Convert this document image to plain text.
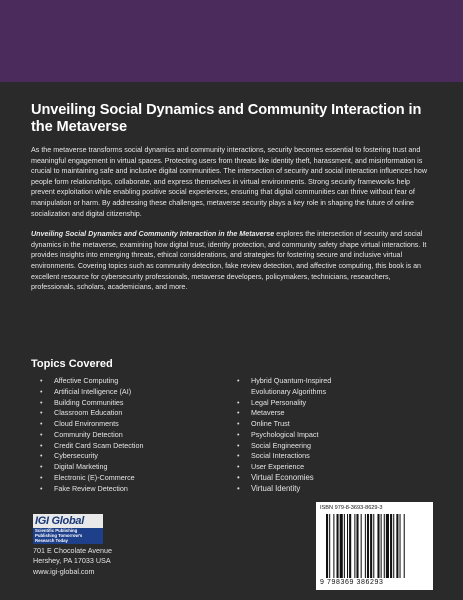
Unveiling Social Dynamics and Community Interaction in the Metaverse

As the metaverse transforms social dynamics and community interactions, security becomes essential to fostering trust and meaningful engagement in virtual spaces. Protecting users from threats like identity theft, harassment, and misinformation is crucial to maintaining safe and inclusive digital communities. The intersection of security and social interaction influences how people form relationships, collaborate, and express themselves in virtual environments. Strong security frameworks help prevent exploitation while enabling positive social experiences, ensuring that digital communities can thrive without fear of manipulation or harm. By addressing these challenges, metaverse security plays a key role in shaping the future of online socialization and digital citizenship.

Unveiling Social Dynamics and Community Interaction in the Metaverse explores the intersection of security and social dynamics in the metaverse, examining how digital trust, identity protection, and community safety shape virtual interactions. It provides insights into emerging threats, ethical considerations, and strategies for fostering secure and inclusive virtual environments. Covering topics such as community detection, fake review detection, and affective computing, this book is an excellent resource for cybersecurity professionals, metaverse developers, policymakers, technicians, researchers, professionals, scholars, academicians, and more.

Topics Covered
• Affective Computing
• Artificial Intelligence (AI)
• Building Communities
• Classroom Education
• Cloud Environments
• Community Detection
• Credit Card Scam Detection
• Cybersecurity
• Digital Marketing
• Electronic (E)-Commerce
• Fake Review Detection
• Hybrid Quantum-Inspired
Evolutionary Algorithms
• Legal Personality
• Metaverse
• Online Trust
• Psychological Impact
• Social Engineering
• Social Interactions
• User Experience
• Virtual Economies
• Virtual Identity
IGI Global
Scientific Publishing
Publishing Tomorrow's Research Today
701 E Chocolate Avenue
Hershey, PA 17033 USA
www.igi-global.com
ISBN 979-8-3693-8629-3
9 798369 386293
